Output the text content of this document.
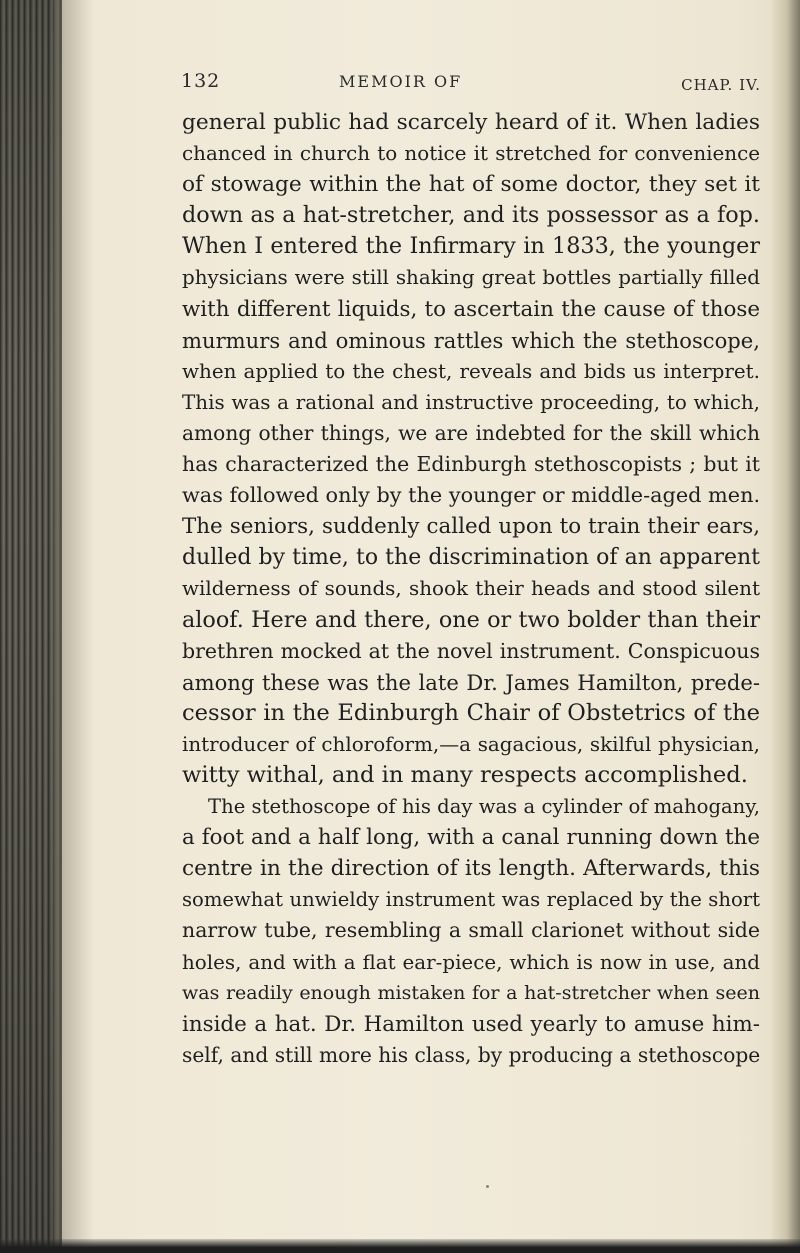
132	MEMOIR OF	CHAP. IV.
general public had scarcely heard of it. When ladies
chanced in church to notice it stretched for convenience
of stowage within the hat of some doctor, they set it
down as a hat-stretcher, and its possessor as a fop.
When I entered the Infirmary in 1833, the younger
physicians were still shaking great bottles partially filled
with different liquids, to ascertain the cause of those
murmurs and ominous rattles which the stethoscope,
when applied to the chest, reveals and bids us interpret.
This was a rational and instructive proceeding, to which,
among other things, we are indebted for the skill which
has characterized the Edinburgh stethoscopists ; but it
was followed only by the younger or middle-aged men.
The seniors, suddenly called upon to train their ears,
dulled by time, to the discrimination of an apparent
wilderness of sounds, shook their heads and stood silent
aloof. Here and there, one or two bolder than their
brethren mocked at the novel instrument. Conspicuous
among these was the late Dr. James Hamilton, prede-
cessor in the Edinburgh Chair of Obstetrics of the
introducer of chloroform,—a sagacious, skilful physician,
witty withal, and in many respects accomplished.
The stethoscope of his day was a cylinder of mahogany,
a foot and a half long, with a canal running down the
centre in the direction of its length. Afterwards, this
somewhat unwieldy instrument was replaced by the short
narrow tube, resembling a small clarionet without side
holes, and with a flat ear-piece, which is now in use, and
was readily enough mistaken for a hat-stretcher when seen
inside a hat. Dr. Hamilton used yearly to amuse him-
self, and still more his class, by producing a stethoscope
